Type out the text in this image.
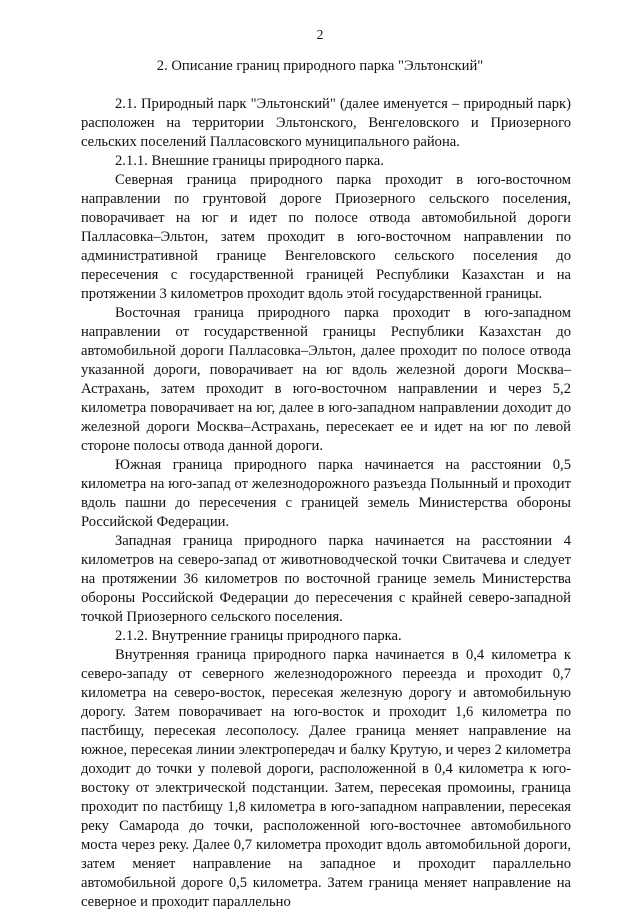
2
2. Описание границ природного парка "Эльтонский"

2.1. Природный парк "Эльтонский" (далее именуется – природный парк) расположен на территории Эльтонского, Венгеловского и Приозерного сельских поселений Палласовского муниципального района.

2.1.1. Внешние границы природного парка.

Северная граница природного парка проходит в юго-восточном направлении по грунтовой дороге Приозерного сельского поселения, поворачивает на юг и идет по полосе отвода автомобильной дороги Палласовка–Эльтон, затем проходит в юго-восточном направлении по административной границе Венгеловского сельского поселения до пересечения с государственной границей Республики Казахстан и на протяжении 3 километров проходит вдоль этой государственной границы.

Восточная граница природного парка проходит в юго-западном направлении от государственной границы Республики Казахстан до автомобильной дороги Палласовка–Эльтон, далее проходит по полосе отвода указанной дороги, поворачивает на юг вдоль железной дороги Москва–Астрахань, затем проходит в юго-восточном направлении и через 5,2 километра поворачивает на юг, далее в юго-западном направлении доходит до железной дороги Москва–Астрахань, пересекает ее и идет на юг по левой стороне полосы отвода данной дороги.

Южная граница природного парка начинается на расстоянии 0,5 километра на юго-запад от железнодорожного разъезда Полынный и проходит вдоль пашни до пересечения с границей земель Министерства обороны Российской Федерации.

Западная граница природного парка начинается на расстоянии 4 километров на северо-запад от животноводческой точки Свитачева и следует на протяжении 36 километров по восточной границе земель Министерства обороны Российской Федерации до пересечения с крайней северо-западной точкой Приозерного сельского поселения.

2.1.2. Внутренние границы природного парка.

Внутренняя граница природного парка начинается в 0,4 километра к северо-западу от северного железнодорожного переезда и проходит 0,7 километра на северо-восток, пересекая железную дорогу и автомобильную дорогу. Затем поворачивает на юго-восток и проходит 1,6 километра по пастбищу, пересекая лесополосу. Далее граница меняет направление на южное, пересекая линии электропередач и балку Крутую, и через 2 километра доходит до точки у полевой дороги, расположенной в 0,4 километра к юго-востоку от электрической подстанции. Затем, пересекая промоины, граница проходит по пастбищу 1,8 километра в юго-западном направлении, пересекая реку Самарода до точки, расположенной юго-восточнее автомобильного моста через реку. Далее 0,7 километра проходит вдоль автомобильной дороги, затем меняет направление на западное и проходит параллельно автомобильной дороге 0,5 километра. Затем граница меняет направление на северное и проходит параллельно
